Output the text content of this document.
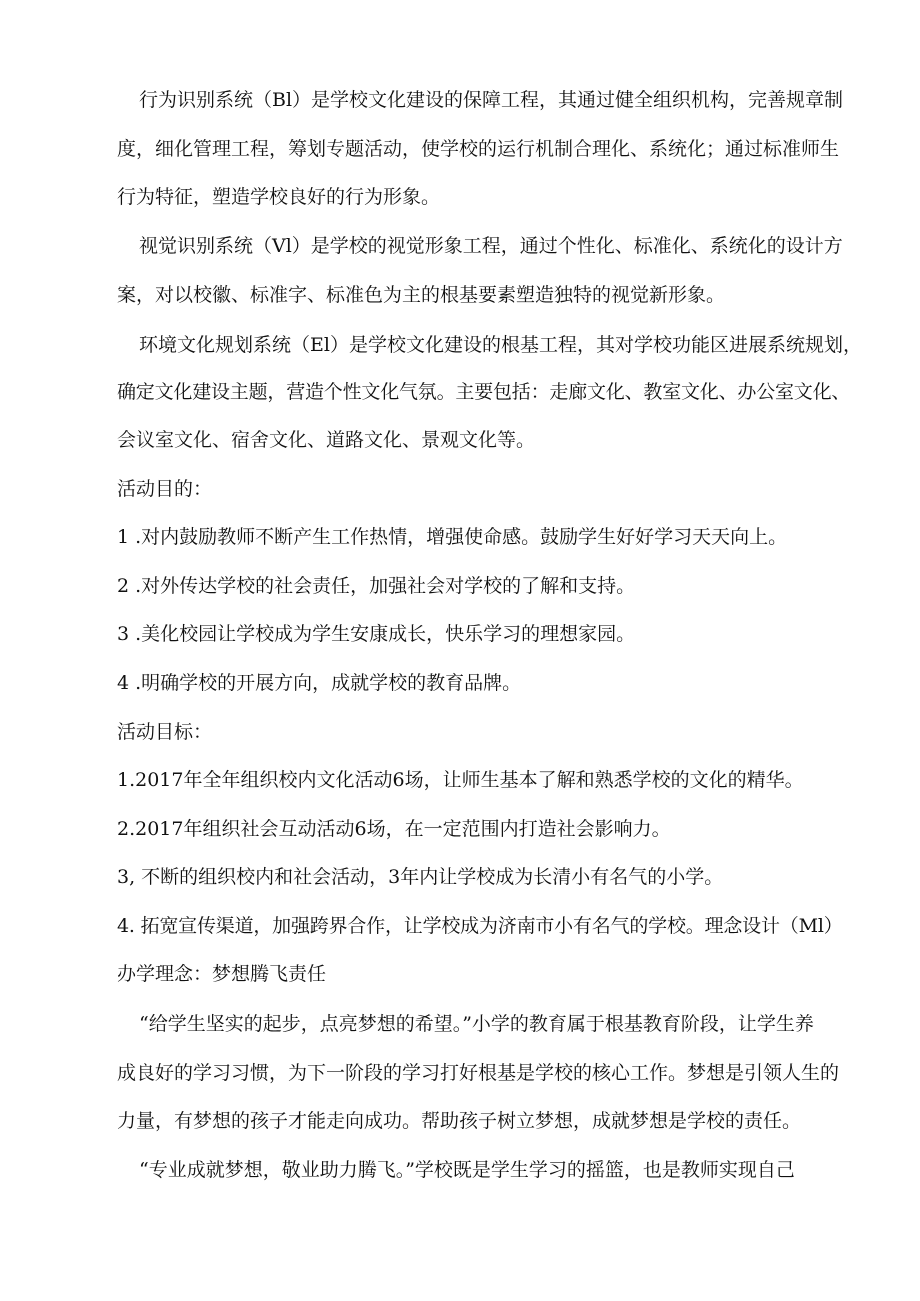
行为识别系统（Bl）是学校文化建设的保障工程，其通过健全组织机构，完善规章制
度，细化管理工程，筹划专题活动，使学校的运行机制合理化、系统化；通过标准师生
行为特征，塑造学校良好的行为形象。
视觉识别系统（Vl）是学校的视觉形象工程，通过个性化、标准化、系统化的设计方
案，对以校徽、标准字、标准色为主的根基要素塑造独特的视觉新形象。
环境文化规划系统（El）是学校文化建设的根基工程，其对学校功能区进展系统规划，
确定文化建设主题，营造个性文化气氛。主要包括：走廊文化、教室文化、办公室文化、
会议室文化、宿舍文化、道路文化、景观文化等。
活动目的：
1 .对内鼓励教师不断产生工作热情，增强使命感。鼓励学生好好学习天天向上。
2 .对外传达学校的社会责任，加强社会对学校的了解和支持。
3 .美化校园让学校成为学生安康成长，快乐学习的理想家园。
4 .明确学校的开展方向，成就学校的教育品牌。
活动目标：
1.2017年全年组织校内文化活动6场，让师生基本了解和熟悉学校的文化的精华。
2.2017年组织社会互动活动6场，在一定范围内打造社会影响力。
3, 不断的组织校内和社会活动，3年内让学校成为长清小有名气的小学。
4. 拓宽宣传渠道，加强跨界合作，让学校成为济南市小有名气的学校。理念设计（Ml）
办学理念：梦想腾飞责任
“给学生坚实的起步，点亮梦想的希望。”小学的教育属于根基教育阶段，让学生养
成良好的学习习惯，为下一阶段的学习打好根基是学校的核心工作。梦想是引领人生的
力量，有梦想的孩子才能走向成功。帮助孩子树立梦想，成就梦想是学校的责任。
“专业成就梦想，敬业助力腾飞。”学校既是学生学习的摇篮，也是教师实现自己
